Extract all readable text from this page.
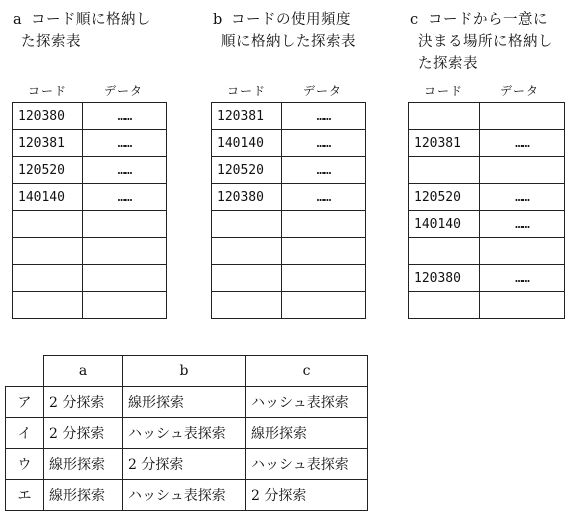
a コード順に格納し
た探索表
コード	データ
120380	……
120381	……
120520	……
140140	……

b コードの使用頻度
順に格納した探索表
コード	データ
120381	……
140140	……
120520	……
120380	……

c コードから一意に
決まる場所に格納し
た探索表
コード	データ

120381	……

120520	……
140140	……

120380	……

	a	b	c
ア	2 分探索	線形探索	ハッシュ表探索
イ	2 分探索	ハッシュ表探索	線形探索
ウ	線形探索	2 分探索	ハッシュ表探索
エ	線形探索	ハッシュ表探索	2 分探索
